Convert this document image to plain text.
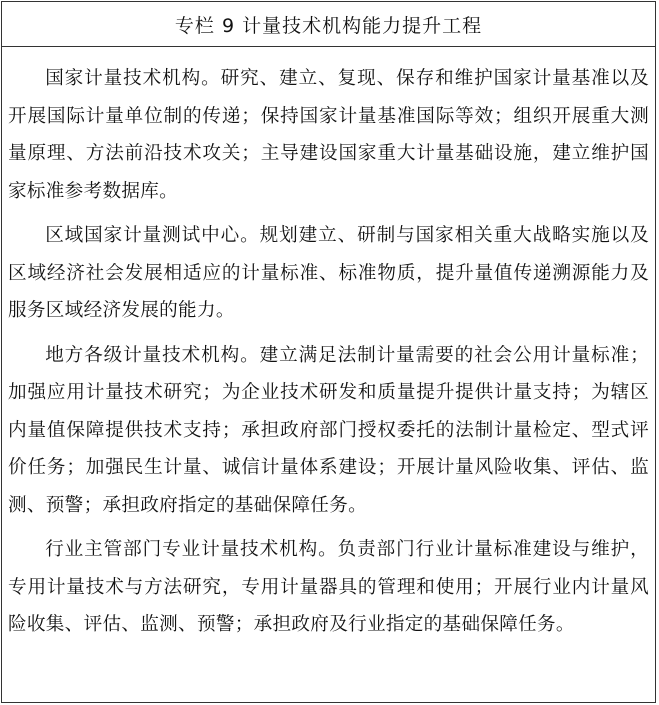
专栏 9 计量技术机构能力提升工程

国家计量技术机构。研究、建立、复现、保存和维护国家计量基准以及开展国际计量单位制的传递；保持国家计量基准国际等效；组织开展重大测量原理、方法前沿技术攻关；主导建设国家重大计量基础设施，建立维护国家标准参考数据库。

区域国家计量测试中心。规划建立、研制与国家相关重大战略实施以及区域经济社会发展相适应的计量标准、标准物质，提升量值传递溯源能力及服务区域经济发展的能力。

地方各级计量技术机构。建立满足法制计量需要的社会公用计量标准；加强应用计量技术研究；为企业技术研发和质量提升提供计量支持；为辖区内量值保障提供技术支持；承担政府部门授权委托的法制计量检定、型式评价任务；加强民生计量、诚信计量体系建设；开展计量风险收集、评估、监测、预警；承担政府指定的基础保障任务。

行业主管部门专业计量技术机构。负责部门行业计量标准建设与维护，专用计量技术与方法研究，专用计量器具的管理和使用；开展行业内计量风险收集、评估、监测、预警；承担政府及行业指定的基础保障任务。
